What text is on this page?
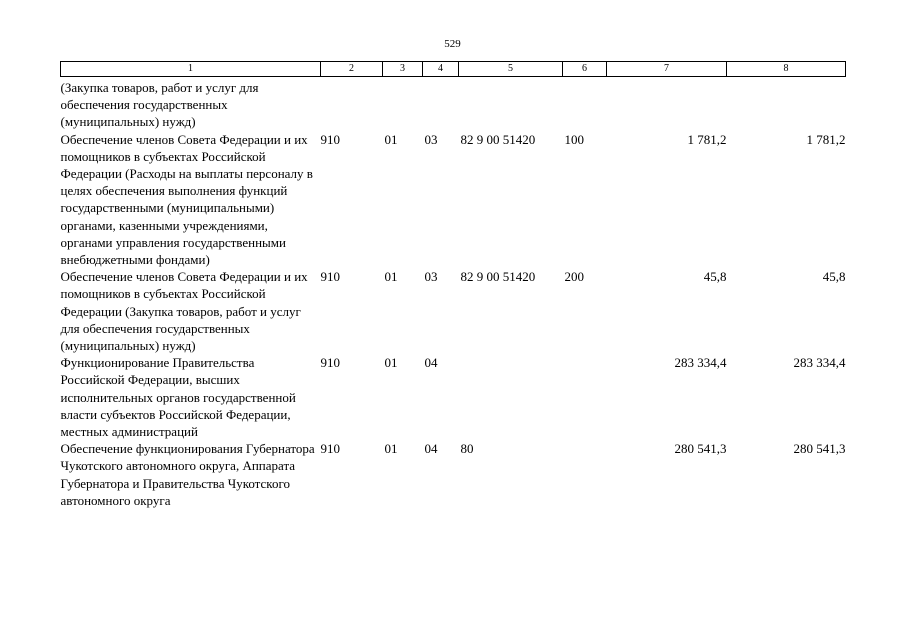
529
1	2	3	4	5	6	7	8
(Закупка товаров, работ и услуг для обеспечения государственных (муниципальных) нужд)							
Обеспечение членов Совета Федерации и их помощников в субъектах Российской Федерации (Расходы на выплаты персоналу в целях обеспечения выполнения функций государственными (муниципальными) органами, казенными учреждениями, органами управления государственными внебюджетными фондами)	910	01	03	82 9 00 51420	100	1 781,2	1 781,2
Обеспечение членов Совета Федерации и их помощников в субъектах Российской Федерации (Закупка товаров, работ и услуг для обеспечения государственных (муниципальных) нужд)	910	01	03	82 9 00 51420	200	45,8	45,8
Функционирование Правительства Российской Федерации, высших исполнительных органов государственной власти субъектов Российской Федерации, местных администраций	910	01	04			283 334,4	283 334,4
Обеспечение функционирования Губернатора Чукотского автономного округа, Аппарата Губернатора и Правительства Чукотского автономного округа	910	01	04	80		280 541,3	280 541,3
